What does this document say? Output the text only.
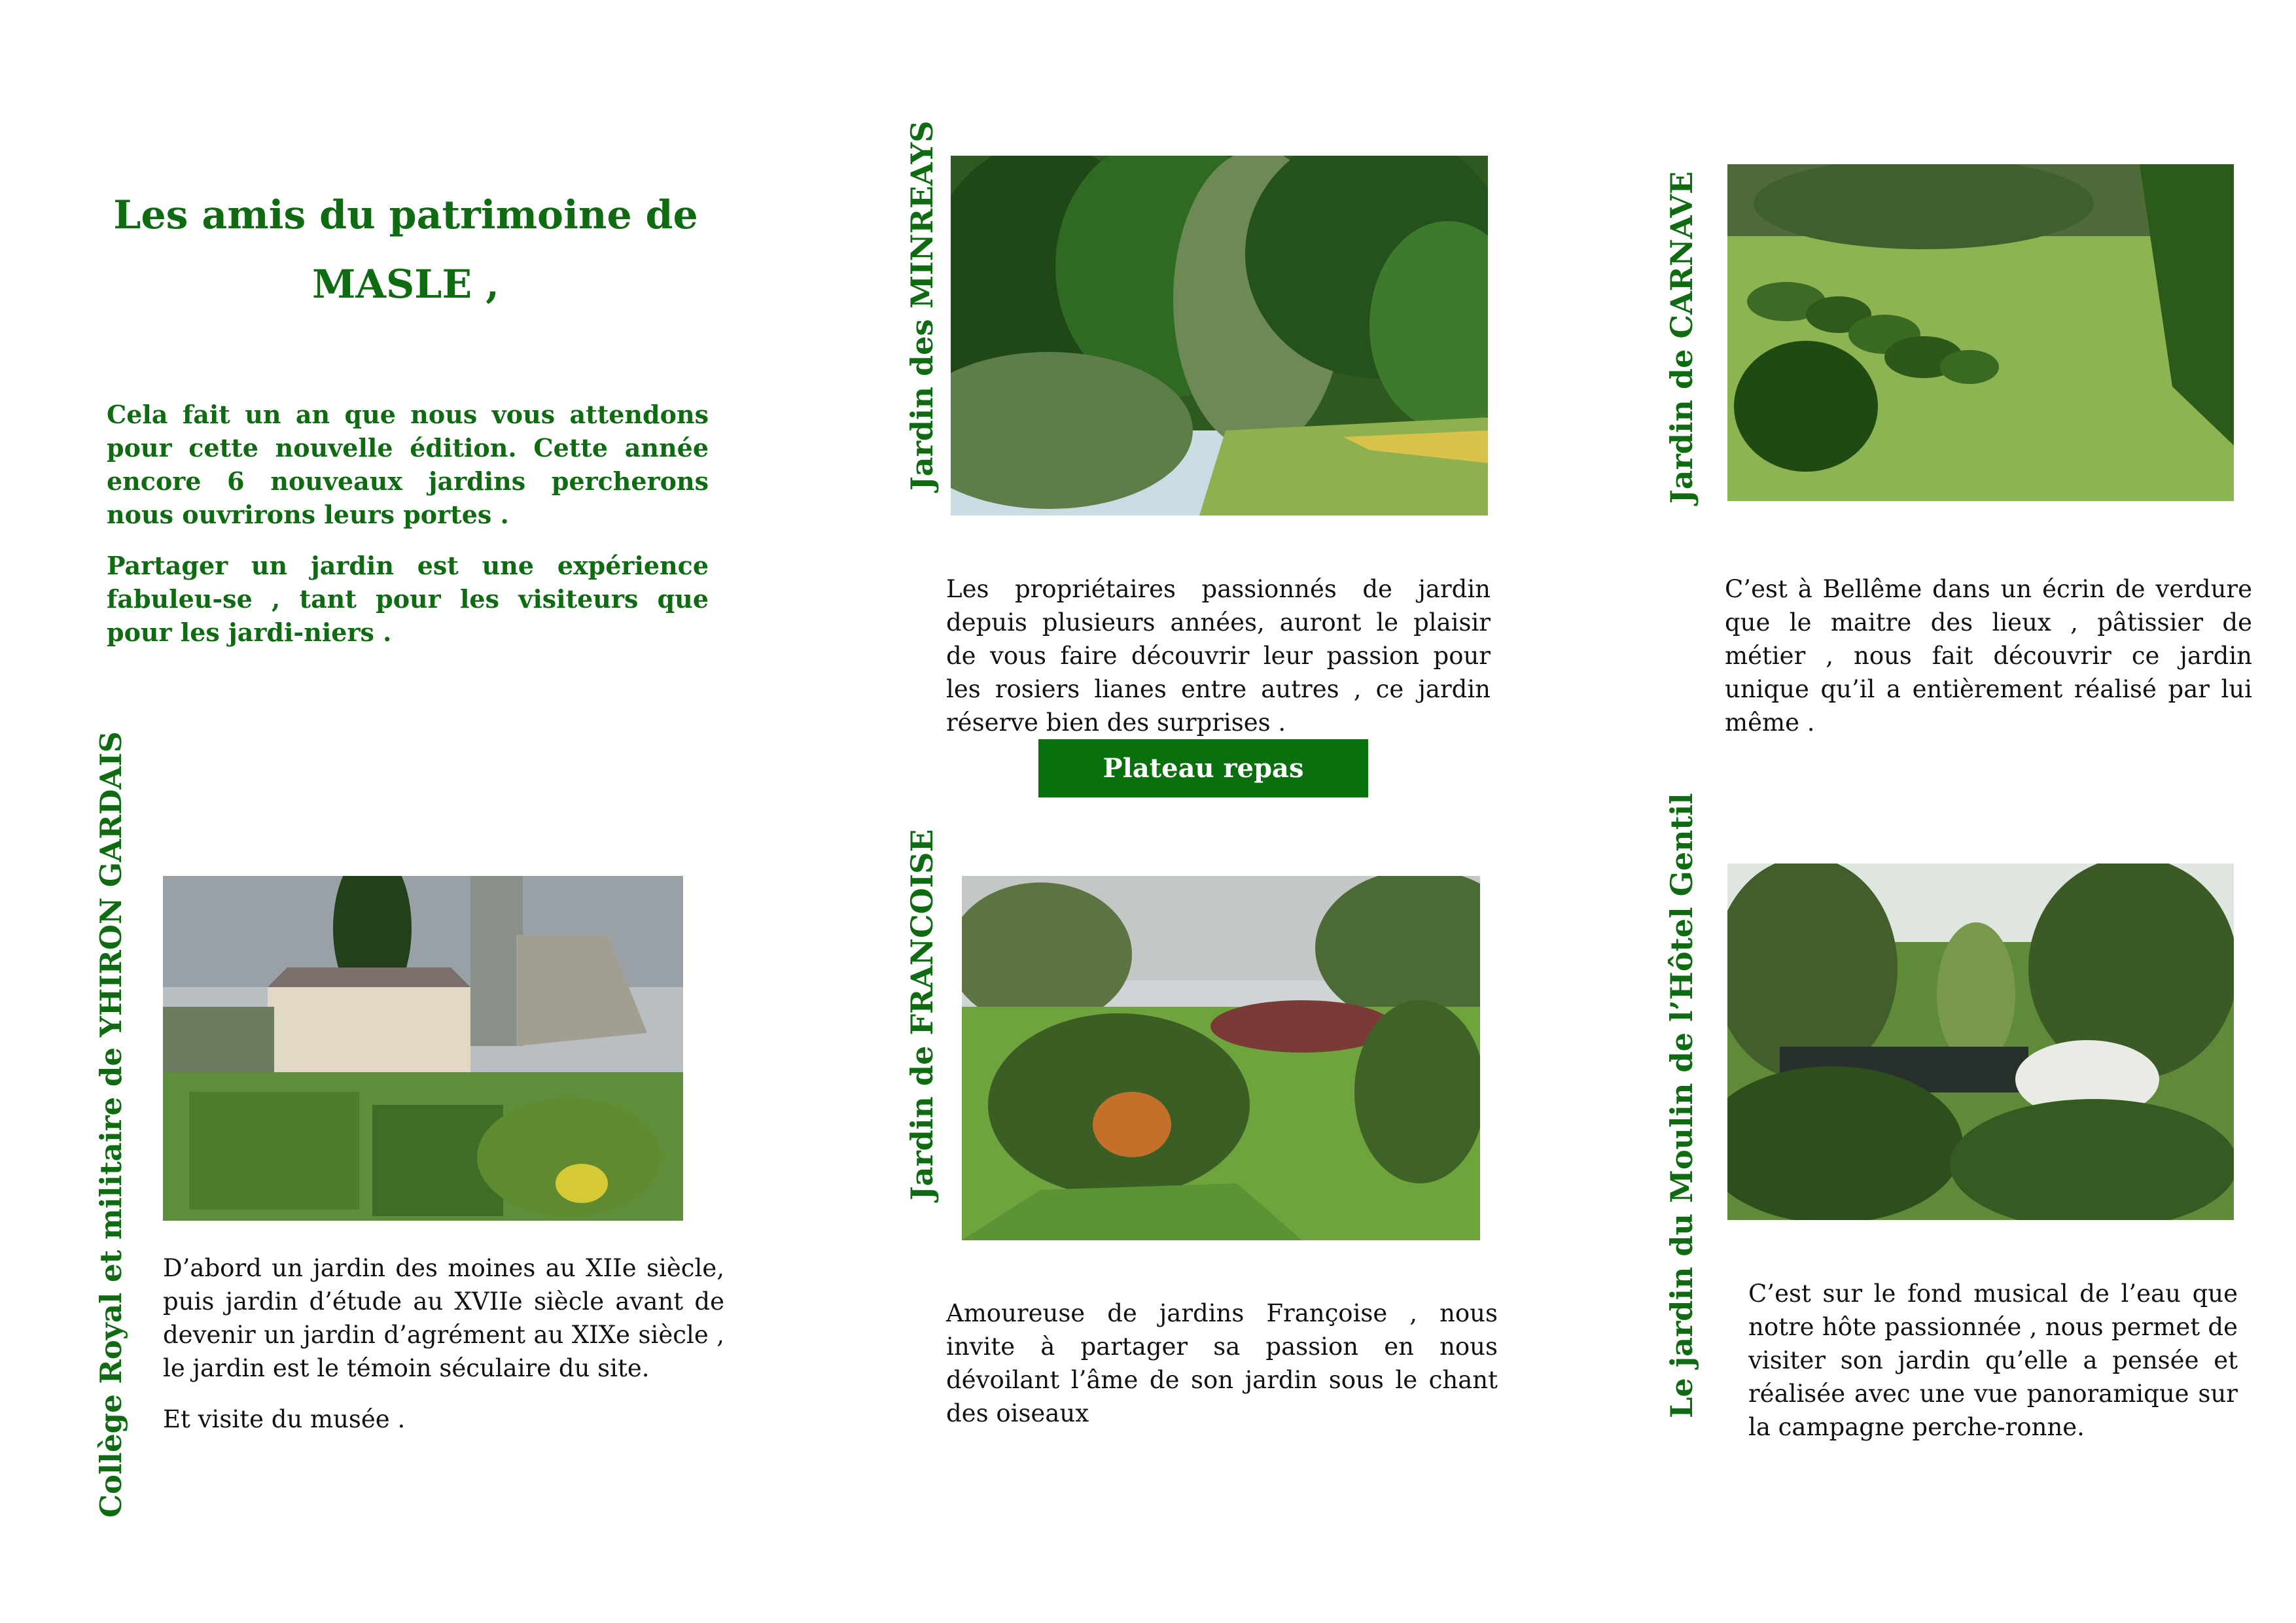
Les amis du patrimoine de
MASLE ,

Cela fait un an que nous vous attendons pour cette nouvelle édition. Cette année encore 6 nouveaux jardins percherons nous ouvrirons leurs portes .

Partager un jardin est une expérience fabuleu-se , tant pour les visiteurs que pour les jardi-niers .

Jardin des MINREAYS

Les propriétaires passionnés de jardin depuis plusieurs années, auront le plaisir de vous faire découvrir leur passion pour les rosiers lianes entre autres , ce jardin réserve bien des surprises .

Plateau repas
Jardin de CARNAVE

C’est à Bellême dans un écrin de verdure que le maitre des lieux , pâtissier de métier , nous fait découvrir ce jardin unique qu’il a entièrement réalisé par lui même .

Collège Royal et militaire de YHIRON GARDAIS D’abord un jardin des moines au XIIe siècle, puis jardin d’étude au XVIIe siècle avant de devenir un jardin d’agrément au XIXe siècle , le jardin est le témoin séculaire du site.

Et visite du musée .

Jardin de FRANCOISE

Amoureuse de jardins Françoise , nous invite à partager sa passion en nous dévoilant l’âme de son jardin sous le chant des oiseaux	Le jardin du Moulin de l’Hôtel Gentil C’est sur le fond musical de l’eau que notre hôte passionnée , nous permet de visiter son jardin qu’elle a pensée et réalisée avec une vue panoramique sur la campagne perche-ronne.
